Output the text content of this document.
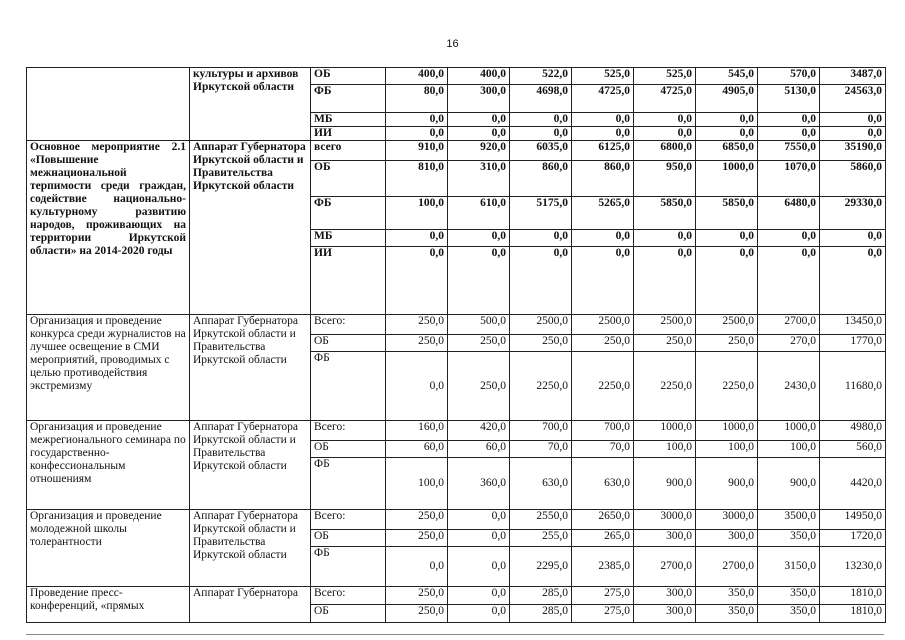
16
	культуры и архивов Иркутской области	ОБ	400,0	400,0	522,0	525,0	525,0	545,0	570,0	3487,0
		ФБ	80,0	300,0	4698,0	4725,0	4725,0	4905,0	5130,0	24563,0
		МБ	0,0	0,0	0,0	0,0	0,0	0,0	0,0	0,0
		ИИ	0,0	0,0	0,0	0,0	0,0	0,0	0,0	0,0
Основное мероприятие 2.1 «Повышение межнациональной терпимости среди граждан, содействие национально-культурному развитию народов, проживающих на территории Иркутской области» на 2014-2020 годы	Аппарат Губернатора Иркутской области и Правительства Иркутской области	всего	910,0	920,0	6035,0	6125,0	6800,0	6850,0	7550,0	35190,0
		ОБ	810,0	310,0	860,0	860,0	950,0	1000,0	1070,0	5860,0
		ФБ	100,0	610,0	5175,0	5265,0	5850,0	5850,0	6480,0	29330,0
		МБ	0,0	0,0	0,0	0,0	0,0	0,0	0,0	0,0
		ИИ	0,0	0,0	0,0	0,0	0,0	0,0	0,0	0,0
Организация и проведение конкурса среди журналистов на лучшее освещение в СМИ мероприятий, проводимых с целью противодействия экстремизму	Аппарат Губернатора Иркутской области и Правительства Иркутской области	Всего:	250,0	500,0	2500,0	2500,0	2500,0	2500,0	2700,0	13450,0
		ОБ	250,0	250,0	250,0	250,0	250,0	250,0	270,0	1770,0
		ФБ	0,0	250,0	2250,0	2250,0	2250,0	2250,0	2430,0	11680,0
Организация и проведение межрегионального семинара по государственно-конфессиональным отношениям	Аппарат Губернатора Иркутской области и Правительства Иркутской области	Всего:	160,0	420,0	700,0	700,0	1000,0	1000,0	1000,0	4980,0
		ОБ	60,0	60,0	70,0	70,0	100,0	100,0	100,0	560,0
		ФБ	100,0	360,0	630,0	630,0	900,0	900,0	900,0	4420,0
Организация и проведение молодежной школы толерантности	Аппарат Губернатора Иркутской области и Правительства Иркутской области	Всего:	250,0	0,0	2550,0	2650,0	3000,0	3000,0	3500,0	14950,0
		ОБ	250,0	0,0	255,0	265,0	300,0	300,0	350,0	1720,0
		ФБ	0,0	0,0	2295,0	2385,0	2700,0	2700,0	3150,0	13230,0
Проведение пресс-конференций, «прямых	Аппарат Губернатора	Всего:	250,0	0,0	285,0	275,0	300,0	350,0	350,0	1810,0
		ОБ	250,0	0,0	285,0	275,0	300,0	350,0	350,0	1810,0
